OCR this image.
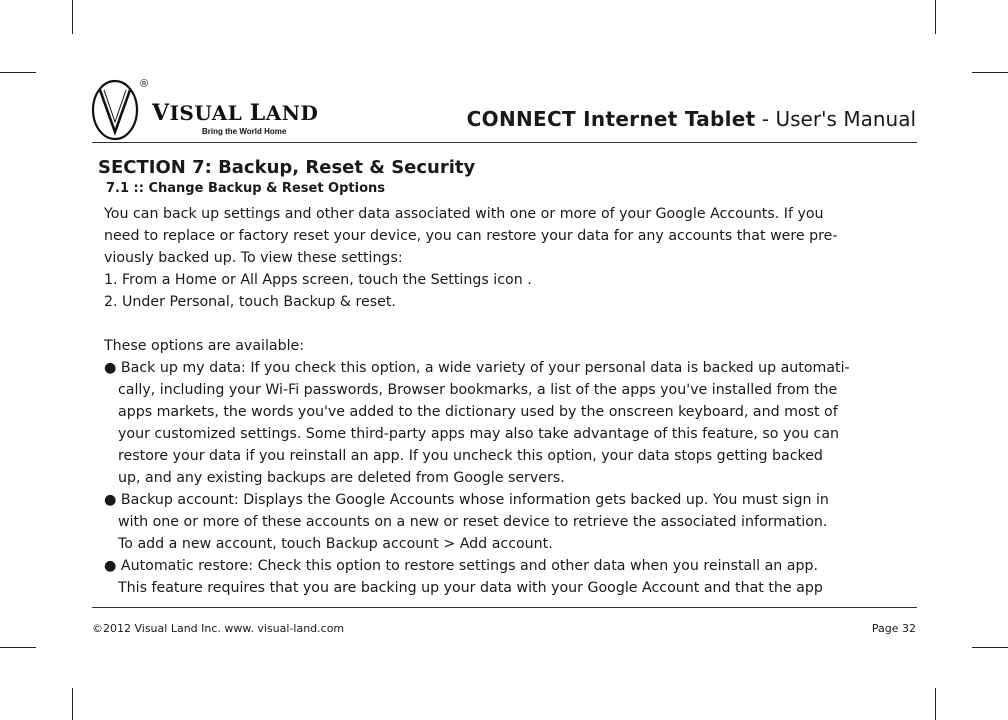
®
VISUAL LAND
Bring the World Home
CONNECT Internet Tablet - User's Manual
SECTION 7: Backup, Reset & Security
7.1 :: Change Backup & Reset Options
You can back up settings and other data associated with one or more of your Google Accounts. If you
need to replace or factory reset your device, you can restore your data for any accounts that were pre-
viously backed up. To view these settings:
1. From a Home or All Apps screen, touch the Settings icon .
2. Under Personal, touch Backup & reset.
These options are available:
● Back up my data: If you check this option, a wide variety of your personal data is backed up automati-
cally, including your Wi-Fi passwords, Browser bookmarks, a list of the apps you've installed from the
apps markets, the words you've added to the dictionary used by the onscreen keyboard, and most of
your customized settings. Some third-party apps may also take advantage of this feature, so you can
restore your data if you reinstall an app. If you uncheck this option, your data stops getting backed
up, and any existing backups are deleted from Google servers.
● Backup account: Displays the Google Accounts whose information gets backed up. You must sign in
with one or more of these accounts on a new or reset device to retrieve the associated information.
To add a new account, touch Backup account > Add account.
● Automatic restore: Check this option to restore settings and other data when you reinstall an app.
This feature requires that you are backing up your data with your Google Account and that the app
©2012 Visual Land Inc. www. visual-land.com	Page 32
